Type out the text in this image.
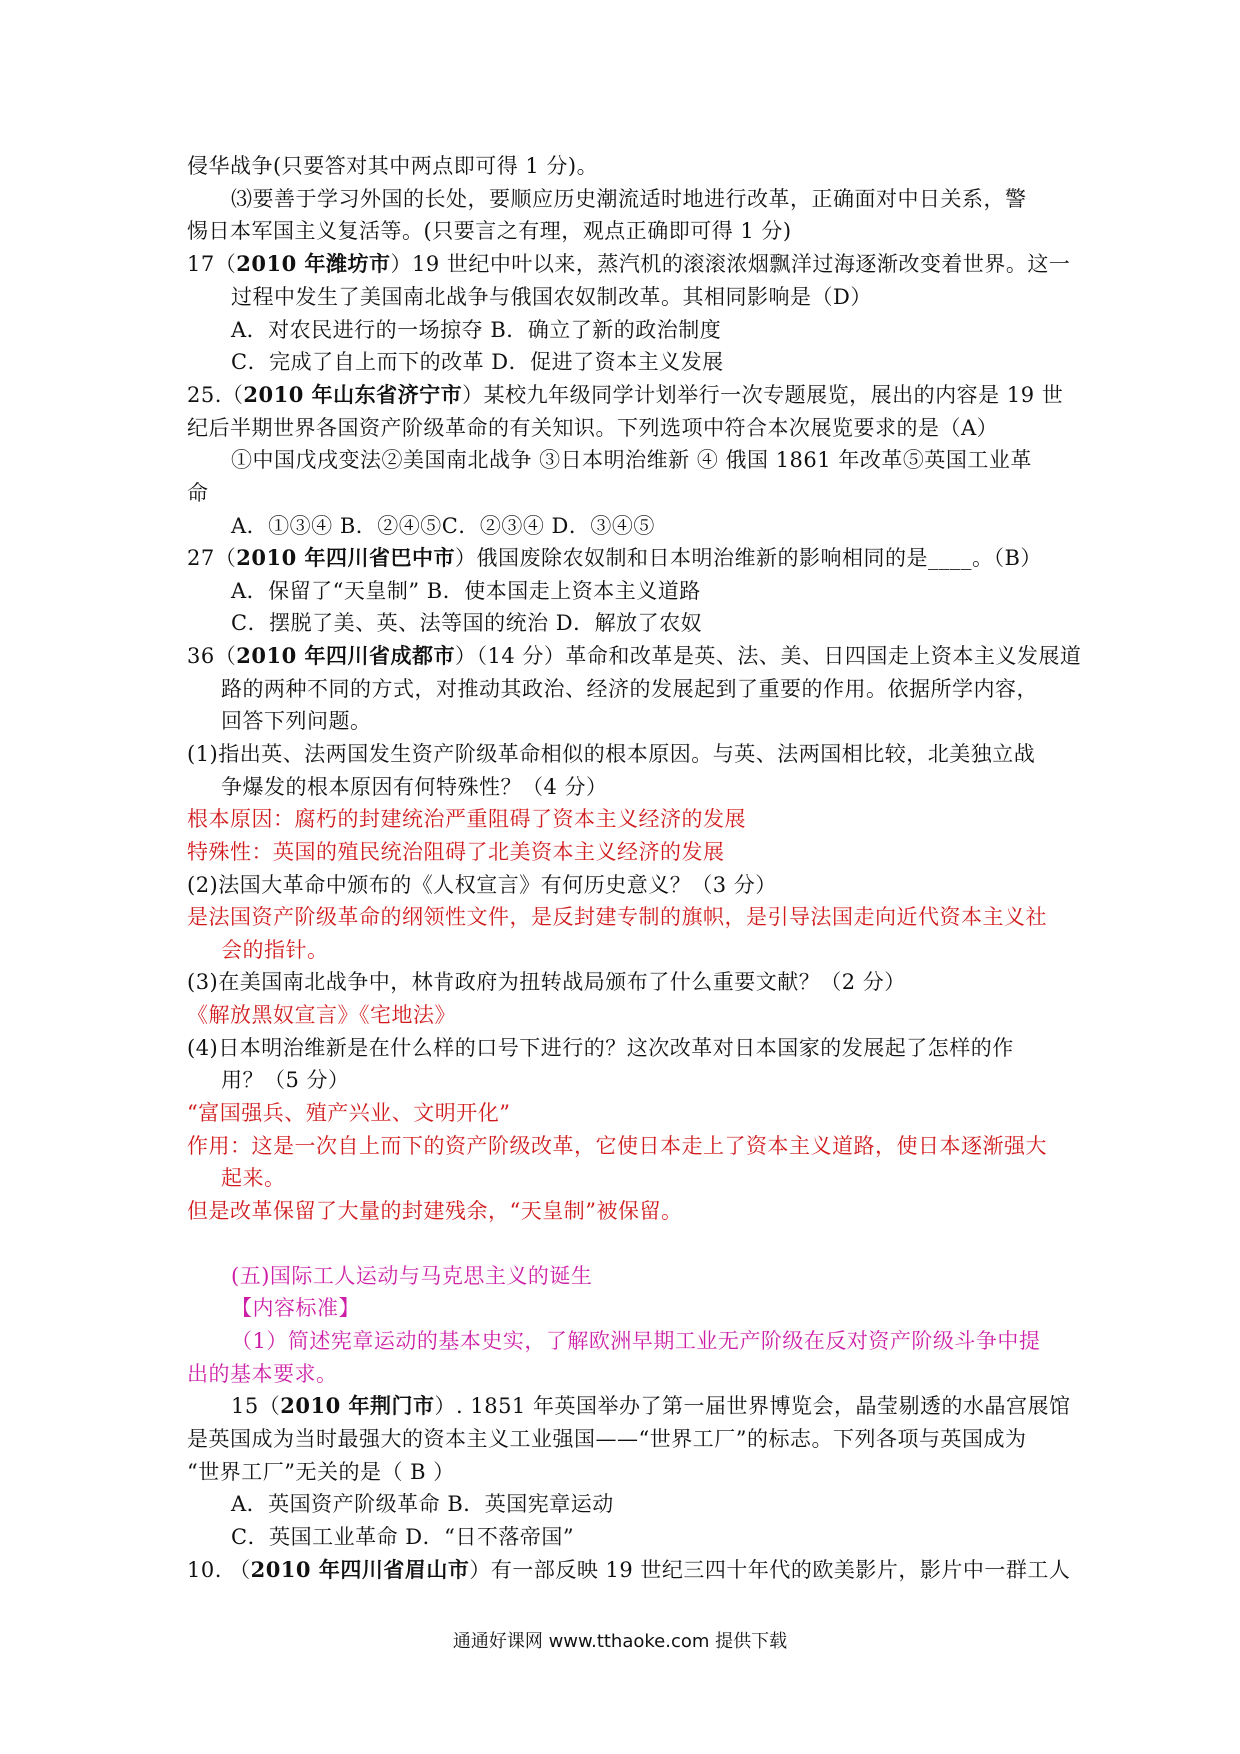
侵华战争(只要答对其中两点即可得 1 分)。
⑶要善于学习外国的长处，要顺应历史潮流适时地进行改革，正确面对中日关系，警
惕日本军国主义复活等。(只要言之有理，观点正确即可得 1 分)
17（2010 年潍坊市）19 世纪中叶以来，蒸汽机的滚滚浓烟飘洋过海逐渐改变着世界。这一
过程中发生了美国南北战争与俄国农奴制改革。其相同影响是（D）
A．对农民进行的一场掠夺 B．确立了新的政治制度
C．完成了自上而下的改革 D．促进了资本主义发展
25.（2010 年山东省济宁市）某校九年级同学计划举行一次专题展览，展出的内容是 19 世
纪后半期世界各国资产阶级革命的有关知识。下列选项中符合本次展览要求的是（A）
①中国戊戌变法②美国南北战争 ③日本明治维新 ④ 俄国 1861 年改革⑤英国工业革
命
A．①③④ B．②④⑤C．②③④ D．③④⑤
27（2010 年四川省巴中市）俄国废除农奴制和日本明治维新的影响相同的是____。（B）
A．保留了“天皇制” B．使本国走上资本主义道路
C．摆脱了美、英、法等国的统治 D．解放了农奴
36（2010 年四川省成都市）（14 分）革命和改革是英、法、美、日四国走上资本主义发展道
路的两种不同的方式，对推动其政治、经济的发展起到了重要的作用。依据所学内容，
回答下列问题。
(1)指出英、法两国发生资产阶级革命相似的根本原因。与英、法两国相比较，北美独立战
争爆发的根本原因有何特殊性？（4 分）
根本原因：腐朽的封建统治严重阻碍了资本主义经济的发展
特殊性：英国的殖民统治阻碍了北美资本主义经济的发展
(2)法国大革命中颁布的《人权宣言》有何历史意义？（3 分）
是法国资产阶级革命的纲领性文件，是反封建专制的旗帜，是引导法国走向近代资本主义社
会的指针。
(3)在美国南北战争中，林肯政府为扭转战局颁布了什么重要文献？（2 分）
《解放黑奴宣言》《宅地法》
(4)日本明治维新是在什么样的口号下进行的？这次改革对日本国家的发展起了怎样的作
用？（5 分）
“富国强兵、殖产兴业、文明开化”
作用：这是一次自上而下的资产阶级改革，它使日本走上了资本主义道路，使日本逐渐强大
起来。
但是改革保留了大量的封建残余，“天皇制”被保留。
(五)国际工人运动与马克思主义的诞生
【内容标准】
（1）简述宪章运动的基本史实，了解欧洲早期工业无产阶级在反对资产阶级斗争中提
出的基本要求。
15（2010 年荆门市）. 1851 年英国举办了第一届世界博览会，晶莹剔透的水晶宫展馆
是英国成为当时最强大的资本主义工业强国——“世界工厂”的标志。下列各项与英国成为
“世界工厂”无关的是（ B ）
A．英国资产阶级革命 B．英国宪章运动
C．英国工业革命 D．“日不落帝国”
10. （2010 年四川省眉山市）有一部反映 19 世纪三四十年代的欧美影片，影片中一群工人
通通好课网 www.tthaoke.com 提供下载
